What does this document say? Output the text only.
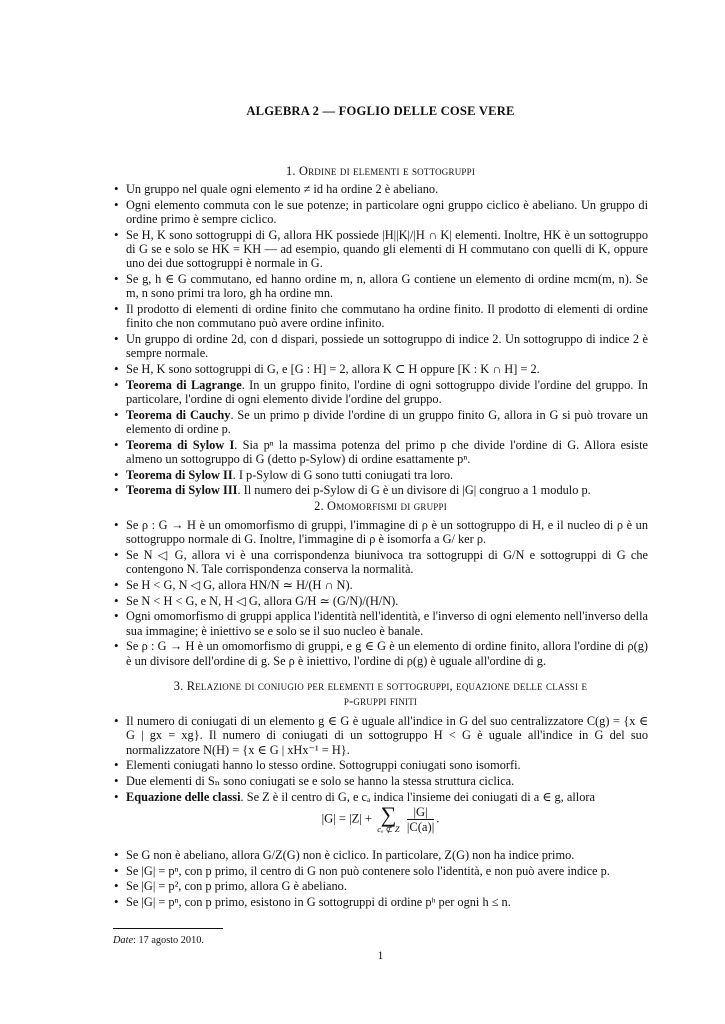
ALGEBRA 2 — FOGLIO DELLE COSE VERE
1. Ordine di elementi e sottogruppi
• Un gruppo nel quale ogni elemento ≠ id ha ordine 2 è abeliano.
• Ogni elemento commuta con le sue potenze; in particolare ogni gruppo ciclico è abeliano. Un gruppo di ordine primo è sempre ciclico.
• Se H, K sono sottogruppi di G, allora HK possiede |H||K|/|H ∩ K| elementi. Inoltre, HK è un sottogruppo di G se e solo se HK = KH — ad esempio, quando gli elementi di H commutano con quelli di K, oppure uno dei due sottogruppi è normale in G.
• Se g, h ∈ G commutano, ed hanno ordine m, n, allora G contiene un elemento di ordine mcm(m, n). Se m, n sono primi tra loro, gh ha ordine mn.
• Il prodotto di elementi di ordine finito che commutano ha ordine finito. Il prodotto di elementi di ordine finito che non commutano può avere ordine infinito.
• Un gruppo di ordine 2d, con d dispari, possiede un sottogruppo di indice 2. Un sottogruppo di indice 2 è sempre normale.
• Se H, K sono sottogruppi di G, e [G : H] = 2, allora K ⊂ H oppure [K : K ∩ H] = 2.
• Teorema di Lagrange. In un gruppo finito, l'ordine di ogni sottogruppo divide l'ordine del gruppo. In particolare, l'ordine di ogni elemento divide l'ordine del gruppo.
• Teorema di Cauchy. Se un primo p divide l'ordine di un gruppo finito G, allora in G si può trovare un elemento di ordine p.
• Teorema di Sylow I. Sia pⁿ la massima potenza del primo p che divide l'ordine di G. Allora esiste almeno un sottogruppo di G (detto p-Sylow) di ordine esattamente pⁿ.
• Teorema di Sylow II. I p-Sylow di G sono tutti coniugati tra loro.
• Teorema di Sylow III. Il numero dei p-Sylow di G è un divisore di |G| congruo a 1 modulo p.
2. Omomorfismi di gruppi
• Se ρ : G → H è un omomorfismo di gruppi, l'immagine di ρ è un sottogruppo di H, e il nucleo di ρ è un sottogruppo normale di G. Inoltre, l'immagine di ρ è isomorfa a G/ ker ρ.
• Se N ◁ G, allora vi è una corrispondenza biunivoca tra sottogruppi di G/N e sottogruppi di G che contengono N. Tale corrispondenza conserva la normalità.
• Se H < G, N ◁ G, allora HN/N ≃ H/(H ∩ N).
• Se N < H < G, e N, H ◁ G, allora G/H ≃ (G/N)/(H/N).
• Ogni omomorfismo di gruppi applica l'identità nell'identità, e l'inverso di ogni elemento nell'inverso della sua immagine; è iniettivo se e solo se il suo nucleo è banale.
• Se ρ : G → H è un omomorfismo di gruppi, e g ∈ G è un elemento di ordine finito, allora l'ordine di ρ(g) è un divisore dell'ordine di g. Se ρ è iniettivo, l'ordine di ρ(g) è uguale all'ordine di g.
3. Relazione di coniugio per elementi e sottogruppi, equazione delle classi e
p-gruppi finiti
• Il numero di coniugati di un elemento g ∈ G è uguale all'indice in G del suo centralizzatore C(g) = {x ∈ G | gx = xg}. Il numero di coniugati di un sottogruppo H < G è uguale all'indice in G del suo normalizzatore N(H) = {x ∈ G | xHx⁻¹ = H}.
• Elementi coniugati hanno lo stesso ordine. Sottogruppi coniugati sono isomorfi.
• Due elementi di Sₙ sono coniugati se e solo se hanno la stessa struttura ciclica.
• Equazione delle classi. Se Z è il centro di G, e cₐ indica l'insieme dei coniugati di a ∈ g, allora
|G| = |Z| + ∑
cₐ ⊄ Z
$\frac{|G|}{|C(a)|}$ .
• Se G non è abeliano, allora G/Z(G) non è ciclico. In particolare, Z(G) non ha indice primo.
• Se |G| = pⁿ, con p primo, il centro di G non può contenere solo l'identità, e non può avere indice p.
• Se |G| = p², con p primo, allora G è abeliano.
• Se |G| = pⁿ, con p primo, esistono in G sottogruppi di ordine pʰ per ogni h ≤ n.
Date: 17 agosto 2010.
1
